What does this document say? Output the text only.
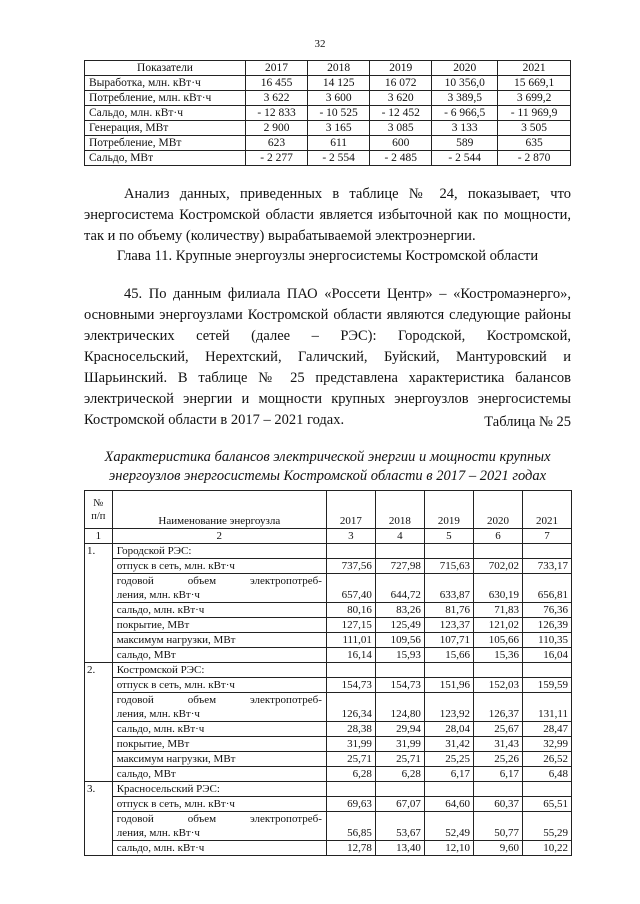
32
Показатели	2017	2018	2019	2020	2021
Выработка, млн. кВт·ч	16 455	14 125	16 072	10 356,0	15 669,1
Потребление, млн. кВт·ч	3 622	3 600	3 620	3 389,5	3 699,2
Сальдо, млн. кВт·ч	- 12 833	- 10 525	- 12 452	- 6 966,5	- 11 969,9
Генерация, МВт	2 900	3 165	3 085	3 133	3 505
Потребление, МВт	623	611	600	589	635
Сальдо, МВт	- 2 277	- 2 554	- 2 485	- 2 544	- 2 870

Анализ данных, приведенных в таблице № 24, показывает, что энергосистема Костромской области является избыточной как по мощности, так и по объему (количеству) вырабатываемой электроэнергии.

Глава 11. Крупные энергоузлы энергосистемы Костромской области

45. По данным филиала ПАО «Россети Центр» – «Костромаэнерго», основными энергоузлами Костромской области являются следующие районы электрических сетей (далее – РЭС): Городской, Костромской, Красносельский, Нерехтский, Галичский, Буйский, Мантуровский и Шарьинский. В таблице № 25 представлена характеристика балансов электрической энергии и мощности крупных энергоузлов энергосистемы Костромской области в 2017 – 2021 годах.	Таблица № 25
Характеристика балансов электрической энергии и мощности крупных энергоузлов энергосистемы Костромской области в 2017 – 2021 годах
№
п/п	Наименование энергоузла	2017	2018	2019	2020	2021
1	2	3	4	5	6	7
1.	Городской РЭС:					
	отпуск в сеть, млн. кВт·ч	737,56	727,98	715,63	702,02	733,17

	годовой объем электропотреб-
ления, млн. кВт·ч	657,40	644,72	633,87	630,19	656,81
	сальдо, млн. кВт·ч	80,16	83,26	81,76	71,83	76,36
	покрытие, МВт	127,15	125,49	123,37	121,02	126,39
	максимум нагрузки, МВт	111,01	109,56	107,71	105,66	110,35
	сальдо, МВт	16,14	15,93	15,66	15,36	16,04
2.	Костромской РЭС:					
	отпуск в сеть, млн. кВт·ч	154,73	154,73	151,96	152,03	159,59

	годовой объем электропотреб-
ления, млн. кВт·ч	126,34	124,80	123,92	126,37	131,11
	сальдо, млн. кВт·ч	28,38	29,94	28,04	25,67	28,47
	покрытие, МВт	31,99	31,99	31,42	31,43	32,99
	максимум нагрузки, МВт	25,71	25,71	25,25	25,26	26,52
	сальдо, МВт	6,28	6,28	6,17	6,17	6,48
3.	Красносельский РЭС:					
	отпуск в сеть, млн. кВт·ч	69,63	67,07	64,60	60,37	65,51

	годовой объем электропотреб-
ления, млн. кВт·ч	56,85	53,67	52,49	50,77	55,29
	сальдо, млн. кВт·ч	12,78	13,40	12,10	9,60	10,22
